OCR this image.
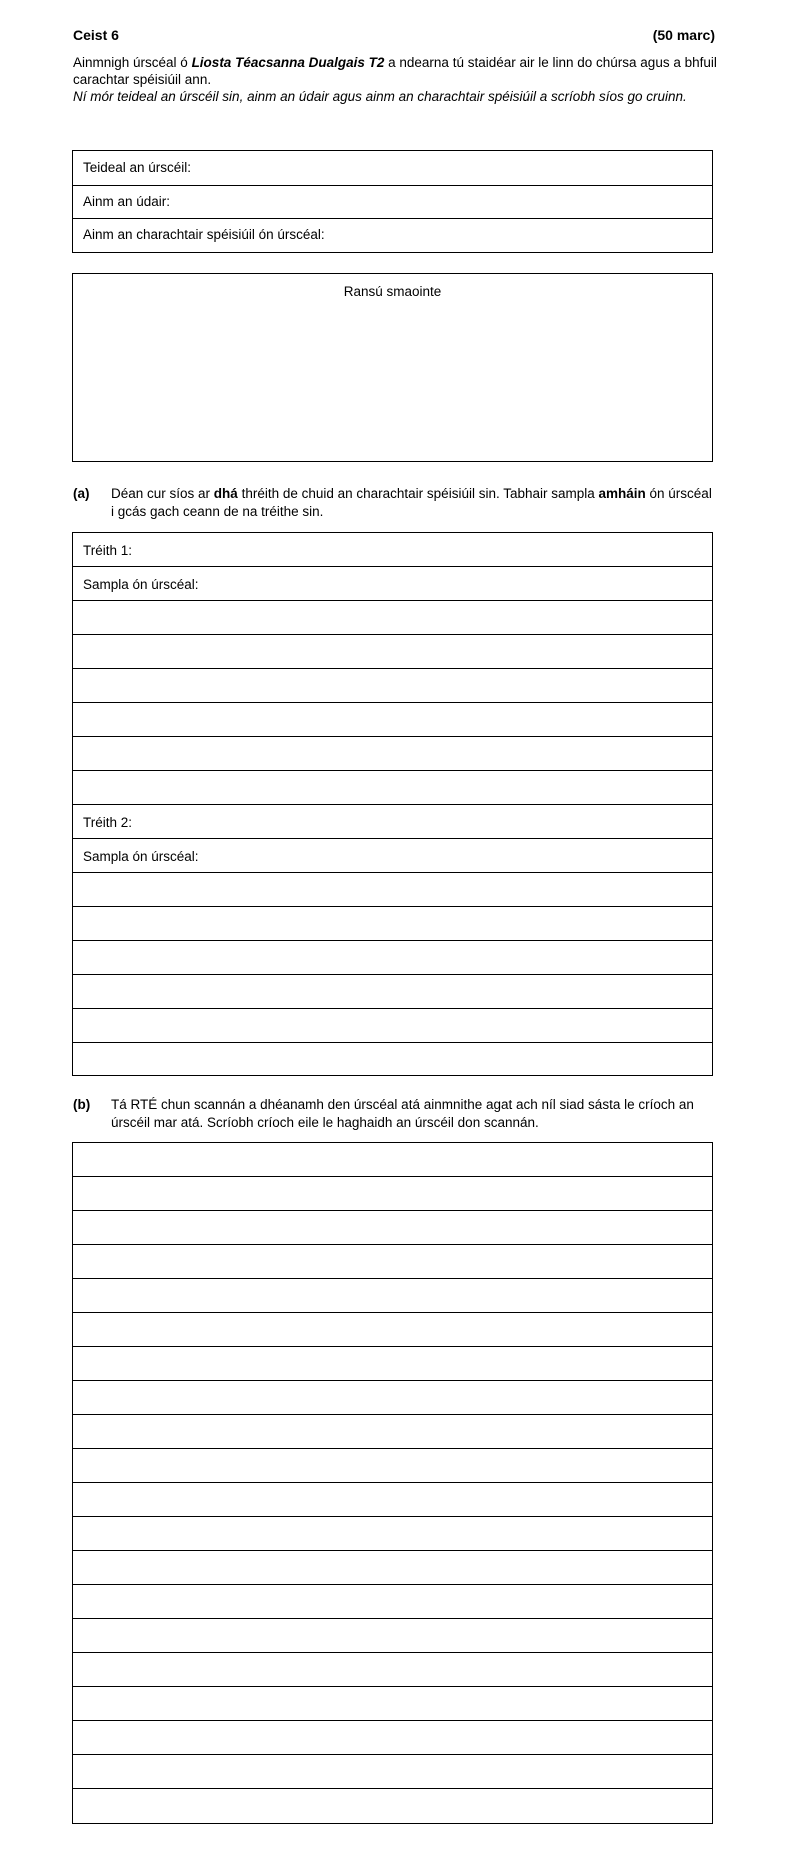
Ceist 6	(50 marc)

Ainmnigh úrscéal ó Liosta Téacsanna Dualgais T2 a ndearna tú staidéar air le linn do chúrsa agus a bhfuil carachtar spéisiúil ann.

Ní mór teideal an úrscéil sin, ainm an údair agus ainm an charachtair spéisiúil a scríobh síos go cruinn.

Teideal an úrscéil:
Ainm an údair:
Ainm an charachtair spéisiúil ón úrscéal:
Ransú smaointe
(a) Déan cur síos ar dhá thréith de chuid an charachtair spéisiúil sin. Tabhair sampla amháin ón úrscéal i gcás gach ceann de na tréithe sin.
Tréith 1:
Sampla ón úrscéal:
Tréith 2:
Sampla ón úrscéal:
(b) Tá RTÉ chun scannán a dhéanamh den úrscéal atá ainmnithe agat ach níl siad sásta le críoch an úrscéil mar atá. Scríobh críoch eile le haghaidh an úrscéil don scannán.
